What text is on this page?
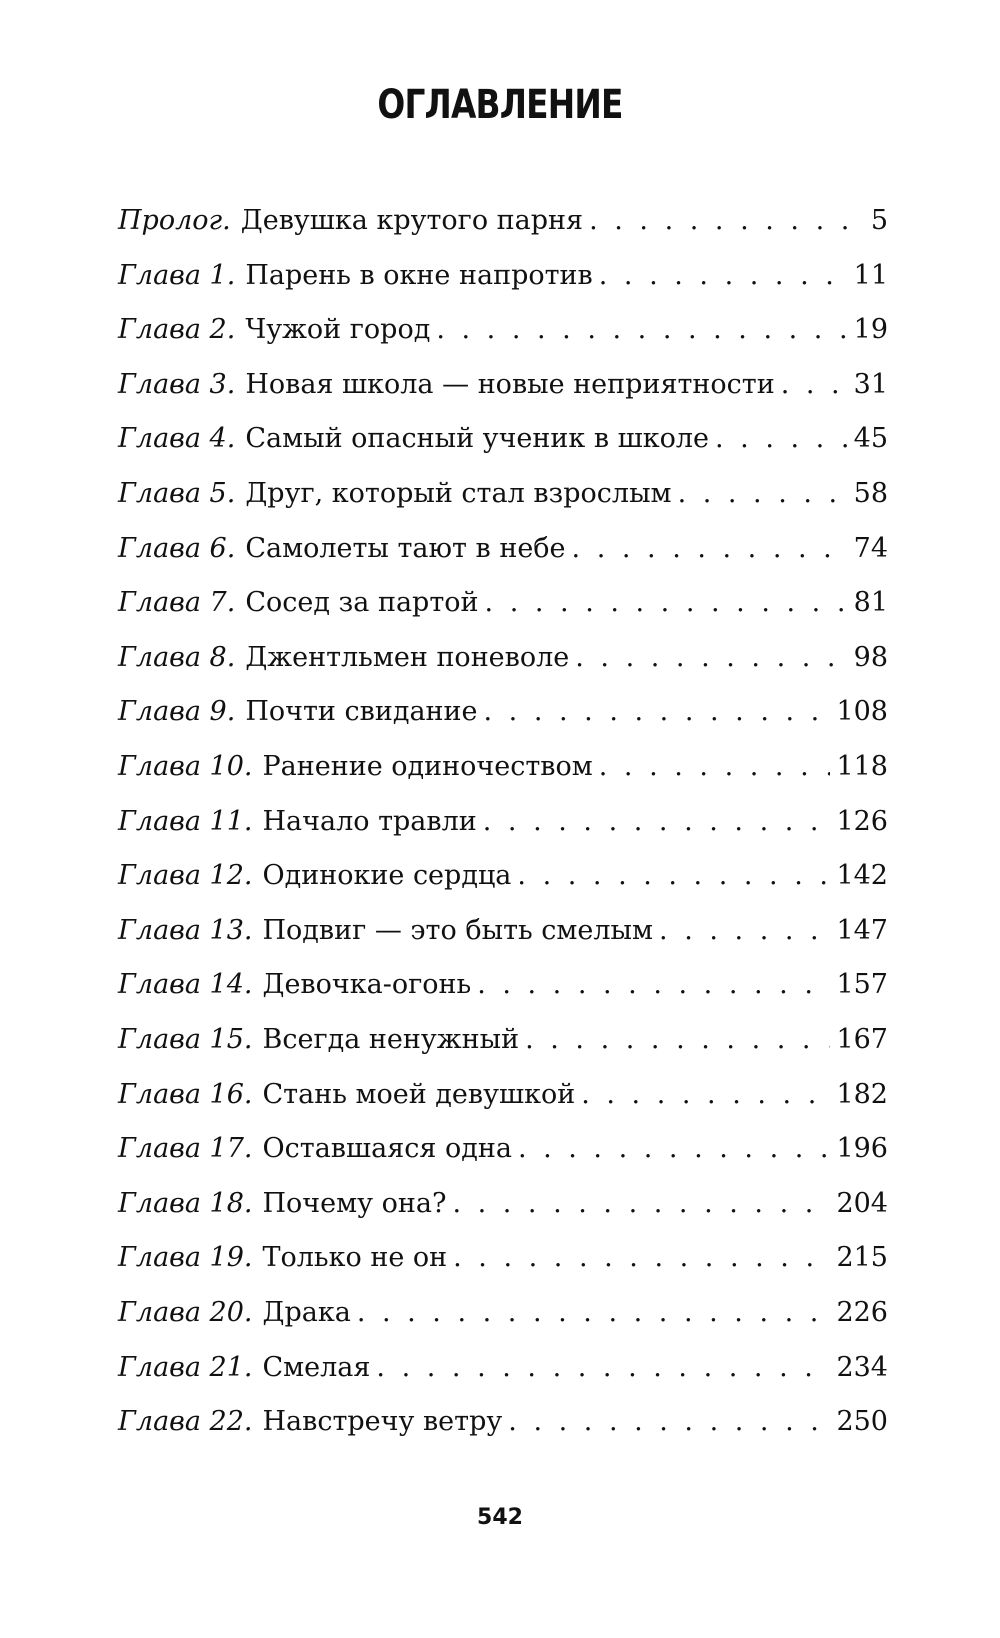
ОГЛАВЛЕНИЕ
Пролог. Девушка крутого парня . . .	5
Глава 1. Парень в окне напротив . . .	11
Глава 2. Чужой город . . .	19
Глава 3. Новая школа — новые неприятности . . .	31
Глава 4. Самый опасный ученик в школе . . .	45
Глава 5. Друг, который стал взрослым . . .	58
Глава 6. Самолеты тают в небе . . .	74
Глава 7. Сосед за партой . . .	81
Глава 8. Джентльмен поневоле . . .	98
Глава 9. Почти свидание . . .	108
Глава 10. Ранение одиночеством . . .	118
Глава 11. Начало травли . . .	126
Глава 12. Одинокие сердца . . .	142
Глава 13. Подвиг — это быть смелым . . .	147
Глава 14. Девочка-огонь . . .	157
Глава 15. Всегда ненужный . . .	167
Глава 16. Стань моей девушкой . . .	182
Глава 17. Оставшаяся одна . . .	196
Глава 18. Почему она? . . .	204
Глава 19. Только не он . . .	215
Глава 20. Драка . . .	226
Глава 21. Смелая . . .	234
Глава 22. Навстречу ветру . . .	250
542
